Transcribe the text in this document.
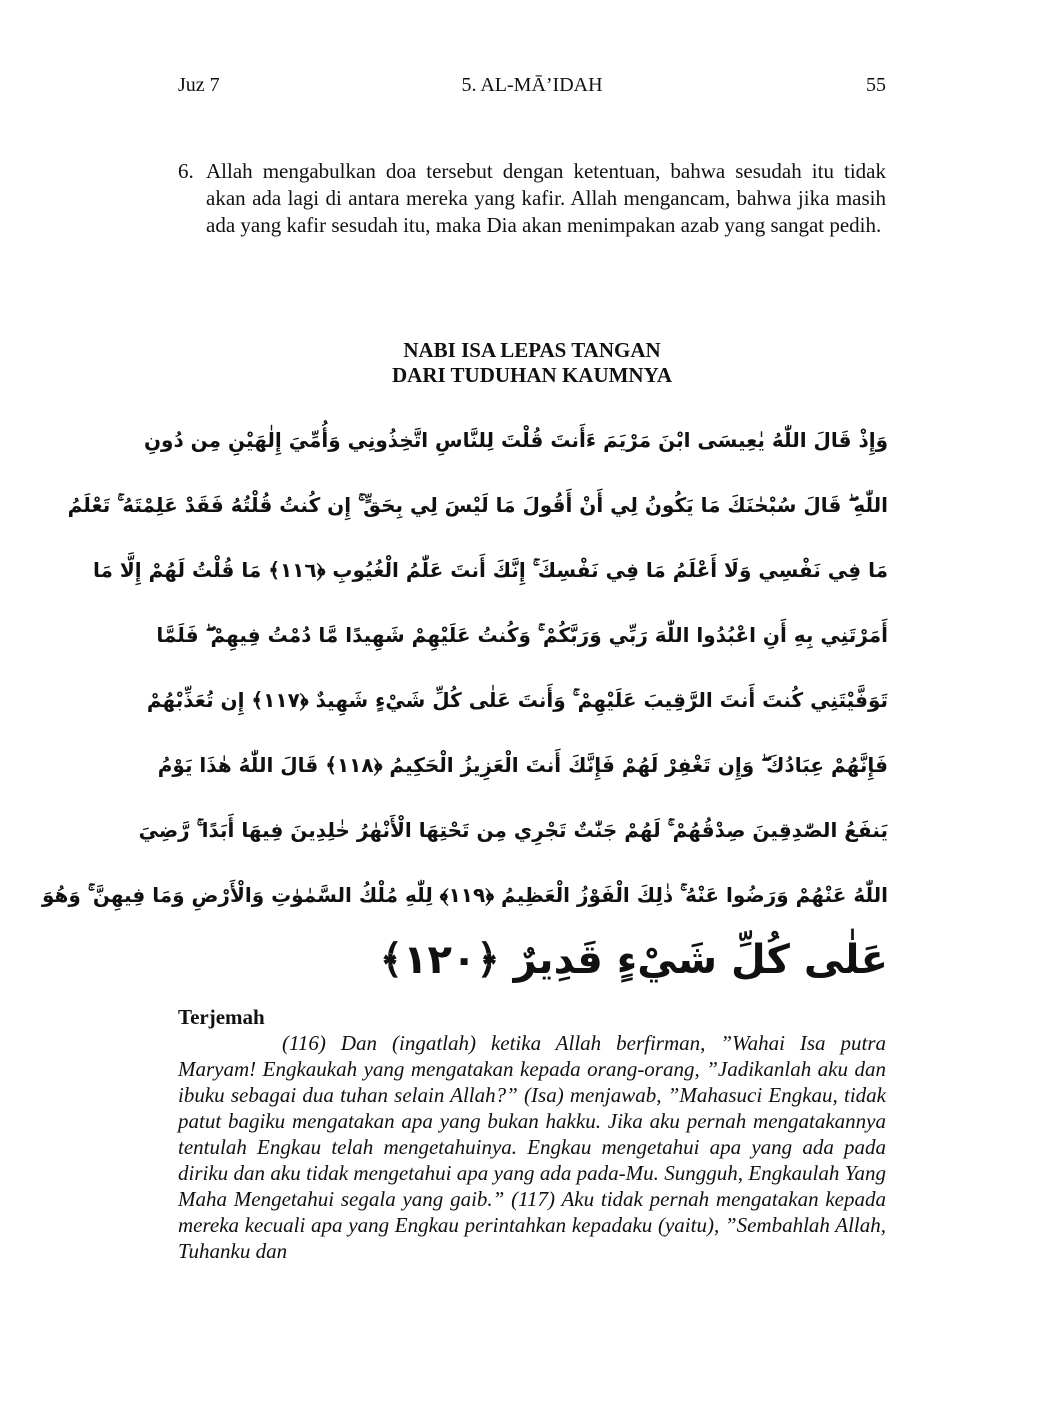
Juz 7	5. AL-MĀ’IDAH	55
6. Allah mengabulkan doa tersebut dengan ketentuan, bahwa sesudah itu tidak akan ada lagi di antara mereka yang kafir. Allah mengancam, bahwa jika masih ada yang kafir sesudah itu, maka Dia akan menimpakan azab yang sangat pedih.
NABI ISA LEPAS TANGAN
DARI TUDUHAN KAUMNYA
وَإِذْ قَالَ اللّٰهُ يٰعِيسَى ابْنَ مَرْيَمَ ءَأَنتَ قُلْتَ لِلنَّاسِ اتَّخِذُونِي وَأُمِّيَ إِلٰهَيْنِ مِن دُونِ
اللّٰهِ ۖ قَالَ سُبْحٰنَكَ مَا يَكُونُ لِي أَنْ أَقُولَ مَا لَيْسَ لِي بِحَقٍّ ۚ إِن كُنتُ قُلْتُهُ فَقَدْ عَلِمْتَهُ ۚ تَعْلَمُ
مَا فِي نَفْسِي وَلَا أَعْلَمُ مَا فِي نَفْسِكَ ۚ إِنَّكَ أَنتَ عَلّٰمُ الْغُيُوبِ ﴿١١٦﴾ مَا قُلْتُ لَهُمْ إِلَّا مَا
أَمَرْتَنِي بِهِ أَنِ اعْبُدُوا اللّٰهَ رَبِّي وَرَبَّكُمْ ۚ وَكُنتُ عَلَيْهِمْ شَهِيدًا مَّا دُمْتُ فِيهِمْ ۖ فَلَمَّا
تَوَفَّيْتَنِي كُنتَ أَنتَ الرَّقِيبَ عَلَيْهِمْ ۚ وَأَنتَ عَلٰى كُلِّ شَيْءٍ شَهِيدٌ ﴿١١٧﴾ إِن تُعَذِّبْهُمْ
فَإِنَّهُمْ عِبَادُكَ ۖ وَإِن تَغْفِرْ لَهُمْ فَإِنَّكَ أَنتَ الْعَزِيزُ الْحَكِيمُ ﴿١١٨﴾ قَالَ اللّٰهُ هٰذَا يَوْمُ
يَنفَعُ الصّٰدِقِينَ صِدْقُهُمْ ۚ لَهُمْ جَنّٰتٌ تَجْرِي مِن تَحْتِهَا الْأَنْهٰرُ خٰلِدِينَ فِيهَا أَبَدًا ۚ رَّضِيَ
اللّٰهُ عَنْهُمْ وَرَضُوا عَنْهُ ۚ ذٰلِكَ الْفَوْزُ الْعَظِيمُ ﴿١١٩﴾ لِلّٰهِ مُلْكُ السَّمٰوٰتِ وَالْأَرْضِ وَمَا فِيهِنَّ ۚ وَهُوَ
عَلٰى كُلِّ شَيْءٍ قَدِيرٌ ﴿١٢٠﴾
Terjemah

(116) Dan (ingatlah) ketika Allah berfirman, ”Wahai Isa putra Maryam! Engkaukah yang mengatakan kepada orang-orang, ”Jadikanlah aku dan ibuku sebagai dua tuhan selain Allah?” (Isa) menjawab, ”Mahasuci Engkau, tidak patut bagiku mengatakan apa yang bukan hakku. Jika aku pernah mengatakannya tentulah Engkau telah mengetahuinya. Engkau mengetahui apa yang ada pada diriku dan aku tidak mengetahui apa yang ada pada-Mu. Sungguh, Engkaulah Yang Maha Mengetahui segala yang gaib.” (117) Aku tidak pernah mengatakan kepada mereka kecuali apa yang Engkau perintahkan kepadaku (yaitu), ”Sembahlah Allah, Tuhanku dan
